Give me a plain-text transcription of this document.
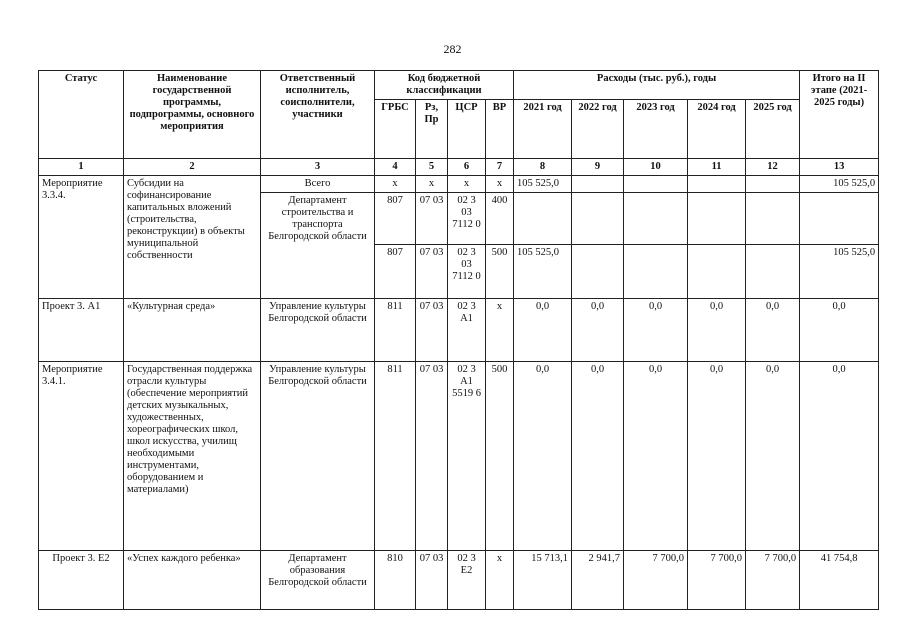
282
Статус	Наименование государственной программы, подпрограммы, основного мероприятия	Ответственный исполнитель, соисполнители, участники	Код бюджетной классификации				Расходы (тыс. руб.), годы					Итого на II этапе (2021-2025 годы)
			ГРБС	Рз, Пр	ЦСР	ВР	2021 год	2022 год	2023 год	2024 год	2025 год	
1	2	3	4	5	6	7	8	9	10	11	12	13
Мероприятие 3.3.4.	Субсидии на софинансирование капитальных вложений (строительства, реконструкции) в объекты муниципальной собственности	Всего	х	х	х	х	105 525,0					105 525,0
		Департамент строительства и транспорта Белгородской области	807	07 03	02 3 03 7112 0	400						
			807	07 03	02 3 03 7112 0	500	105 525,0					105 525,0
Проект 3. А1	«Культурная среда»	Управление культуры Белгородской области	811	07 03	02 3 А1	х	0,0	0,0	0,0	0,0	0,0	0,0
Мероприятие 3.4.1.	Государственная поддержка отрасли культуры (обеспечение мероприятий детских музыкальных, художественных, хореографических школ, школ искусства, училищ необходимыми инструментами, оборудованием и материалами)	Управление культуры Белгородской области	811	07 03	02 3 А1 5519 6	500	0,0	0,0	0,0	0,0	0,0	0,0
Проект 3. Е2	«Успех каждого ребенка»	Департамент образования Белгородской области	810	07 03	02 3 Е2	х	15 713,1	2 941,7	7 700,0	7 700,0	7 700,0	41 754,8
